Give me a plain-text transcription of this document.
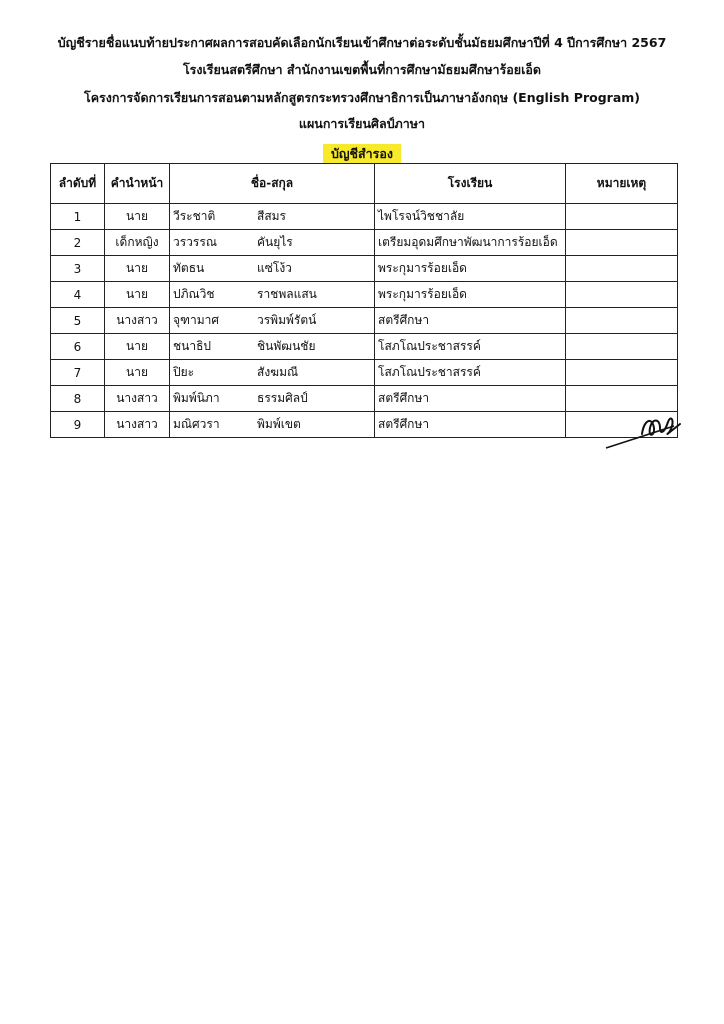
บัญชีรายชื่อแนบท้ายประกาศผลการสอบคัดเลือกนักเรียนเข้าศึกษาต่อระดับชั้นมัธยมศึกษาปีที่ 4 ปีการศึกษา 2567
โรงเรียนสตรีศึกษา สำนักงานเขตพื้นที่การศึกษามัธยมศึกษาร้อยเอ็ด
โครงการจัดการเรียนการสอนตามหลักสูตรกระทรวงศึกษาธิการเป็นภาษาอังกฤษ (English Program)
แผนการเรียนศิลป์ภาษา
บัญชีสำรอง
ลำดับที่	คำนำหน้า	ชื่อ-สกุล	โรงเรียน	หมายเหตุ
1	นาย	วีระชาติ สีสมร	ไพโรจน์วิชชาลัย	
2	เด็กหญิง	วรวรรณ คันยุไร	เตรียมอุดมศึกษาพัฒนาการร้อยเอ็ด	
3	นาย	ทัตธน แซ่โง้ว	พระกุมารร้อยเอ็ด	
4	นาย	ปภิณวิช ราชพลแสน	พระกุมารร้อยเอ็ด	
5	นางสาว	จุฑามาศ วรพิมพ์รัตน์	สตรีศึกษา	
6	นาย	ชนาธิป ชินพัฒนชัย	โสภโณประชาสรรค์	
7	นาย	ปิยะ สังฆมณี	โสภโณประชาสรรค์	
8	นางสาว	พิมพ์นิภา ธรรมศิลป์	สตรีศึกษา	
9	นางสาว	มณิศวรา พิมพ์เขต	สตรีศึกษา	
